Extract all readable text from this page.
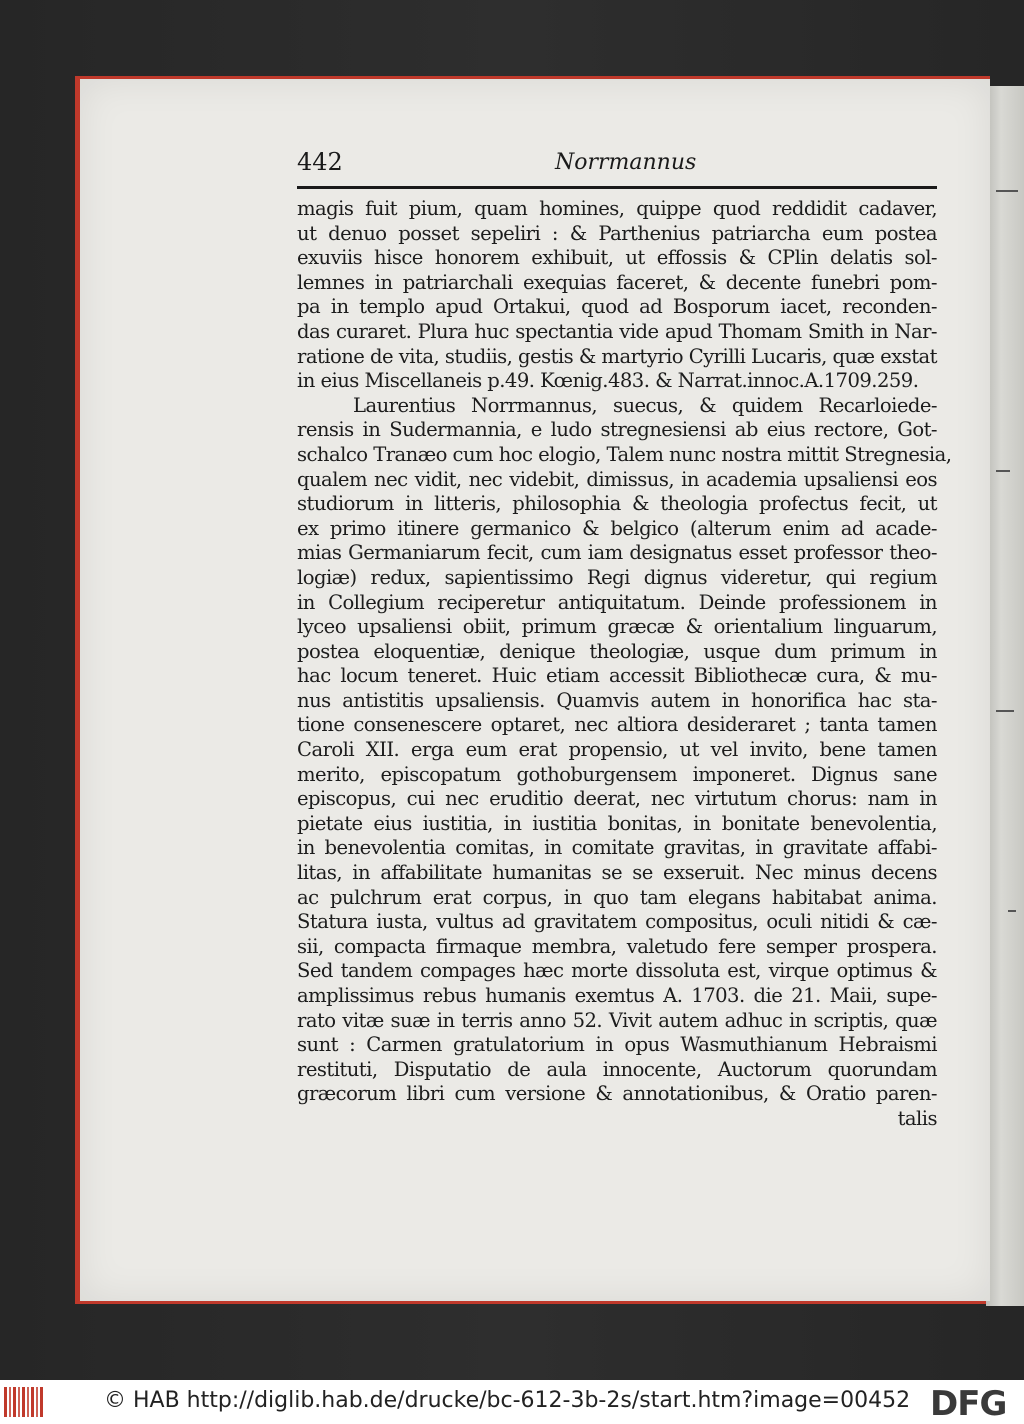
442	Norrmannus
magis fuit pium, quam homines, quippe quod reddidit cadaver,
ut denuo posset sepeliri : & Parthenius patriarcha eum postea
exuviis hisce honorem exhibuit, ut effossis & CPlin delatis sol-
lemnes in patriarchali exequias faceret, & decente funebri pom-
pa in templo apud Ortakui, quod ad Bosporum iacet, reconden-
das curaret. Plura huc spectantia vide apud Thomam Smith in Nar-
ratione de vita, studiis, gestis & martyrio Cyrilli Lucaris, quæ exstat
in eius Miscellaneis p.49. Kœnig.483. & Narrat.innoc.A.1709.259.
Laurentius Norrmannus, suecus, & quidem Recarloiede-
rensis in Sudermannia, e ludo stregnesiensi ab eius rectore, Got-
schalco Tranæo cum hoc elogio, Talem nunc nostra mittit Stregnesia,
qualem nec vidit, nec videbit, dimissus, in academia upsaliensi eos
studiorum in litteris, philosophia & theologia profectus fecit, ut
ex primo itinere germanico & belgico (alterum enim ad acade-
mias Germaniarum fecit, cum iam designatus esset professor theo-
logiæ) redux, sapientissimo Regi dignus videretur, qui regium
in Collegium reciperetur antiquitatum. Deinde professionem in
lyceo upsaliensi obiit, primum græcæ & orientalium linguarum,
postea eloquentiæ, denique theologiæ, usque dum primum in
hac locum teneret. Huic etiam accessit Bibliothecæ cura, & mu-
nus antistitis upsaliensis. Quamvis autem in honorifica hac sta-
tione consenescere optaret, nec altiora desideraret ; tanta tamen
Caroli XII. erga eum erat propensio, ut vel invito, bene tamen
merito, episcopatum gothoburgensem imponeret. Dignus sane
episcopus, cui nec eruditio deerat, nec virtutum chorus: nam in
pietate eius iustitia, in iustitia bonitas, in bonitate benevolentia,
in benevolentia comitas, in comitate gravitas, in gravitate affabi-
litas, in affabilitate humanitas se se exseruit. Nec minus decens
ac pulchrum erat corpus, in quo tam elegans habitabat anima.
Statura iusta, vultus ad gravitatem compositus, oculi nitidi & cæ-
sii, compacta firmaque membra, valetudo fere semper prospera.
Sed tandem compages hæc morte dissoluta est, virque optimus &
amplissimus rebus humanis exemtus A. 1703. die 21. Maii, supe-
rato vitæ suæ in terris anno 52. Vivit autem adhuc in scriptis, quæ
sunt : Carmen gratulatorium in opus Wasmuthianum Hebraismi
restituti, Disputatio de aula innocente, Auctorum quorundam
græcorum libri cum versione & annotationibus, & Oratio paren-
talis
© HAB http://diglib.hab.de/drucke/bc-612-3b-2s/start.htm?image=00452 DFG
